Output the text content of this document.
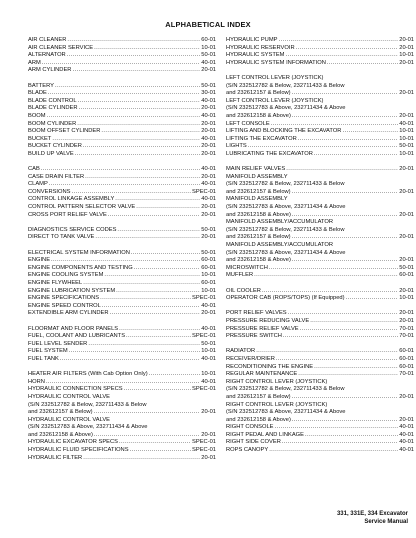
ALPHABETICAL INDEX
AIR CLEANER .....	60-01
AIR CLEANER SERVICE .....	10-01
ALTERNATOR .....	50-01
ARM .....	40-01
ARM CYLINDER .....	20-01
BATTERY .....	50-01
BLADE .....	30-01
BLADE CONTROL .....	40-01
BLADE CYLINDER .....	20-01
BOOM .....	40-01
BOOM CYLINDER .....	20-01
BOOM OFFSET CYLINDER .....	20-01
BUCKET .....	40-01
BUCKET CYLINDER .....	20-01
BUILD UP VALVE .....	20-01
CAB .....	40-01
CASE DRAIN FILTER .....	20-01
CLAMP .....	40-01
CONVERSIONS .....	SPEC-01
CONTROL LINKAGE ASSEMBLY .....	40-01
CONTROL PATTERN SELECTOR VALVE .....	20-01
CROSS PORT RELIEF VALVE .....	20-01
DIAGNOSTICS SERVICE CODES .....	50-01
DIRECT TO TANK VALVE .....	20-01
ELECTRICAL SYSTEM INFORMATION .....	50-01
ENGINE .....	60-01
ENGINE COMPONENTS AND TESTING .....	60-01
ENGINE COOLING SYSTEM .....	10-01
ENGINE FLYWHEEL .....	60-01
ENGINE LUBRICATION SYSTEM .....	10-01
ENGINE SPECIFICATIONS .....	SPEC-01
ENGINE SPEED CONTROL .....	40-01
EXTENDIBLE ARM CYLINDER .....	20-01
FLOORMAT AND FLOOR PANELS .....	40-01
FUEL, COOLANT AND LUBRICANTS .....	SPEC-01
FUEL LEVEL SENDER .....	50-01
FUEL SYSTEM .....	10-01
FUEL TANK .....	40-01
HEATER AIR FILTERS (With Cab Option Only) .....	10-01
HORN .....	40-01
HYDRAULIC CONNECTION SPECS .....	SPEC-01
HYDRAULIC CONTROL VALVE
(S/N 232512782 & Below, 232711433 & Below
and 232612157 & Below) .....	20-01
HYDRAULIC CONTROL VALVE
(S/N 232512783 & Above, 232711434 & Above
and 232612158 & Above) .....	20-01
HYDRAULIC EXCAVATOR SPECS .....	SPEC-01
HYDRAULIC FLUID SPECIFICATIONS .....	SPEC-01
HYDRAULIC FILTER .....	20-01
HYDRAULIC PUMP .....	20-01
HYDRAULIC RESERVOIR .....	20-01
HYDRAULIC SYSTEM .....	10-01
HYDRAULIC SYSTEM INFORMATION .....	20-01
LEFT CONTROL LEVER (JOYSTICK)
(S/N 232512782 & Below, 232711433 & Below
and 232612157 & Below) .....	20-01
LEFT CONTROL LEVER (JOYSTICK)
(S/N 232512783 & Above, 232711434 & Above
and 232612158 & Above) .....	20-01
LEFT CONSOLE .....	40-01
LIFTING AND BLOCKING THE EXCAVATOR .....	10-01
LIFTING THE EXCAVATOR .....	10-01
LIGHTS .....	50-01
LUBRICATING THE EXCAVATOR .....	10-01
MAIN RELIEF VALVES .....	20-01
MANIFOLD ASSEMBLY
(S/N 232512782 & Below, 232711433 & Below
and 232612157 & Below) .....	20-01
MANIFOLD ASSEMBLY
(S/N 232512783 & Above, 232711434 & Above
and 232612158 & Above) .....	20-01
MANIFOLD ASSEMBLY/ACCUMULATOR
(S/N 232512782 & Below, 232711433 & Below
and 232612157 & Below) .....	20-01
MANIFOLD ASSEMBLY/ACCUMULATOR
(S/N 232512783 & Above, 232711434 & Above
and 232612158 & Above) .....	20-01
MICROSWITCH .....	50-01
MUFFLER .....	60-01
OIL COOLER .....	20-01
OPERATOR CAB (ROPS/TOPS) (If Equipped) .....	10-01
PORT RELIEF VALVES .....	20-01
PRESSURE REDUCING VALVE .....	20-01
PRESSURE RELIEF VALVE .....	70-01
PRESSURE SWITCH .....	70-01
RADIATOR .....	60-01
RECEIVER/DRIER .....	60-01
RECONDITIONING THE ENGINE .....	60-01
REGULAR MAINTENANCE .....	70-01
RIGHT CONTROL LEVER (JOYSTICK)
(S/N 232512782 & Below, 232711433 & Below
and 232612157 & Below) .....	20-01
RIGHT CONTROL LEVER (JOYSTICK)
(S/N 232512783 & Above, 232711434 & Above
and 232612158 & Above) .....	20-01
RIGHT CONSOLE .....	40-01
RIGHT PEDAL AND LINKAGE .....	40-01
RIGHT SIDE COVER .....	40-01
ROPS CANOPY .....	40-01
331, 331E, 334 Excavator
Service Manual
